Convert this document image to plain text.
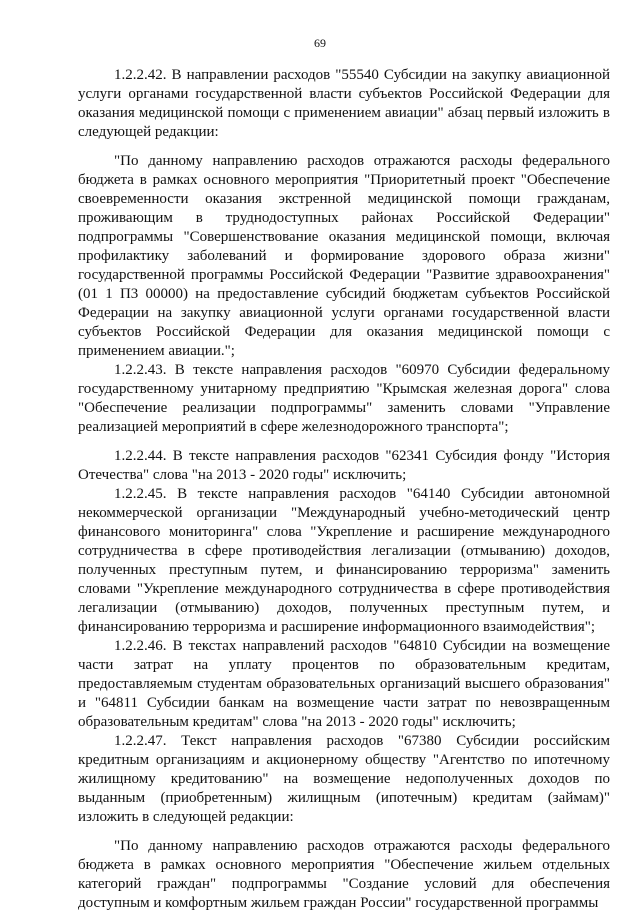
69

1.2.2.42. В направлении расходов "55540 Субсидии на закупку авиационной услуги органами государственной власти субъектов Российской Федерации для оказания медицинской помощи с применением авиации" абзац первый изложить в следующей редакции:

"По данному направлению расходов отражаются расходы федерального бюджета в рамках основного мероприятия "Приоритетный проект "Обеспечение своевременности оказания экстренной медицинской помощи гражданам, проживающим в труднодоступных районах Российской Федерации" подпрограммы "Совершенствование оказания медицинской помощи, включая профилактику заболеваний и формирование здорового образа жизни" государственной программы Российской Федерации "Развитие здравоохранения" (01 1 П3 00000) на предоставление субсидий бюджетам субъектов Российской Федерации на закупку авиационной услуги органами государственной власти субъектов Российской Федерации для оказания медицинской помощи с применением авиации.";

1.2.2.43. В тексте направления расходов "60970 Субсидии федеральному государственному унитарному предприятию "Крымская железная дорога" слова "Обеспечение реализации подпрограммы" заменить словами "Управление реализацией мероприятий в сфере железнодорожного транспорта";

1.2.2.44. В тексте направления расходов "62341 Субсидия фонду "История Отечества" слова "на 2013 - 2020 годы" исключить;

1.2.2.45. В тексте направления расходов "64140 Субсидии автономной некоммерческой организации "Международный учебно-методический центр финансового мониторинга" слова "Укрепление и расширение международного сотрудничества в сфере противодействия легализации (отмыванию) доходов, полученных преступным путем, и финансированию терроризма" заменить словами "Укрепление международного сотрудничества в сфере противодействия легализации (отмыванию) доходов, полученных преступным путем, и финансированию терроризма и расширение информационного взаимодействия";

1.2.2.46. В текстах направлений расходов "64810 Субсидии на возмещение части затрат на уплату процентов по образовательным кредитам, предоставляемым студентам образовательных организаций высшего образования" и "64811 Субсидии банкам на возмещение части затрат по невозвращенным образовательным кредитам" слова "на 2013 - 2020 годы" исключить;

1.2.2.47. Текст направления расходов "67380 Субсидии российским кредитным организациям и акционерному обществу "Агентство по ипотечному жилищному кредитованию" на возмещение недополученных доходов по выданным (приобретенным) жилищным (ипотечным) кредитам (займам)" изложить в следующей редакции:

"По данному направлению расходов отражаются расходы федерального бюджета в рамках основного мероприятия "Обеспечение жильем отдельных категорий граждан" подпрограммы "Создание условий для обеспечения доступным и комфортным жильем граждан России" государственной программы
